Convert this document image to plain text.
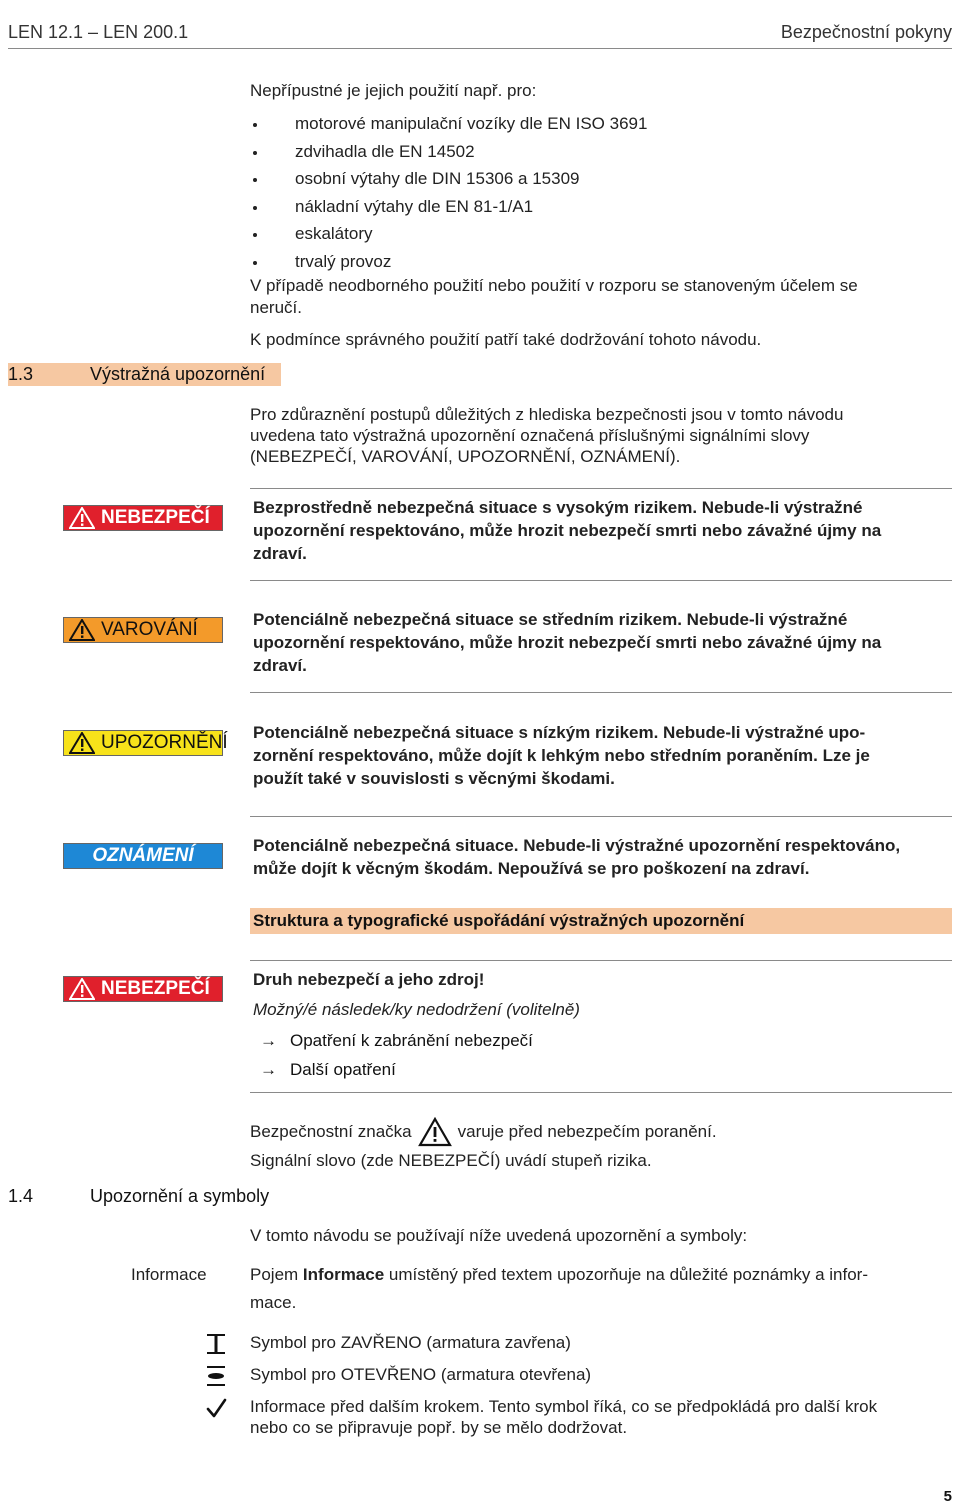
LEN 12.1 – LEN 200.1	Bezpečnostní pokyny
Nepřípustné je jejich použití např. pro:
motorové manipulační vozíky dle EN ISO 3691
zdvihadla dle EN 14502
osobní výtahy dle DIN 15306 a 15309
nákladní výtahy dle EN 81-1/A1
eskalátory
trvalý provoz
V případě neodborného použití nebo použití v rozporu se stanoveným účelem se
neručí.
K podmínce správného použití patří také dodržování tohoto návodu.
1.3	Výstražná upozornění
Pro zdůraznění postupů důležitých z hlediska bezpečnosti jsou v tomto návodu
uvedena tato výstražná upozornění označená příslušnými signálními slovy
(NEBEZPEČÍ, VAROVÁNÍ, UPOZORNĚNÍ, OZNÁMENÍ).
NEBEZPEČÍ	Bezprostředně nebezpečná situace s vysokým rizikem. Nebude-li výstražné
upozornění respektováno, může hrozit nebezpečí smrti nebo závažné újmy na
zdraví.
VAROVÁNÍ	Potenciálně nebezpečná situace se středním rizikem. Nebude-li výstražné
upozornění respektováno, může hrozit nebezpečí smrti nebo závažné újmy na
zdraví.
UPOZORNĚNÍ Potenciálně nebezpečná situace s nízkým rizikem. Nebude-li výstražné upo-
zornění respektováno, může dojít k lehkým nebo středním poraněním. Lze je
použít také v souvislosti s věcnými škodami.
OZNÁMENÍ	Potenciálně nebezpečná situace. Nebude-li výstražné upozornění respektováno,
může dojít k věcným škodám. Nepoužívá se pro poškození na zdraví.
Struktura a typografické uspořádání výstražných upozornění
NEBEZPEČÍ	Druh nebezpečí a jeho zdroj!
Možný/é následek/ky nedodržení (volitelně)
→ Opatření k zabránění nebezpečí
→ Další opatření
Bezpečnostní značka	varuje před nebezpečím poranění.
Signální slovo (zde NEBEZPEČÍ) uvádí stupeň rizika.
1.4	Upozornění a symboly
V tomto návodu se používají níže uvedená upozornění a symboly:
Informace	Pojem Informace umístěný před textem upozorňuje na důležité poznámky a infor-
mace.
Symbol pro ZAVŘENO (armatura zavřena)
Symbol pro OTEVŘENO (armatura otevřena)
Informace před dalším krokem. Tento symbol říká, co se předpokládá pro další krok
nebo co se připravuje popř. by se mělo dodržovat.
5
